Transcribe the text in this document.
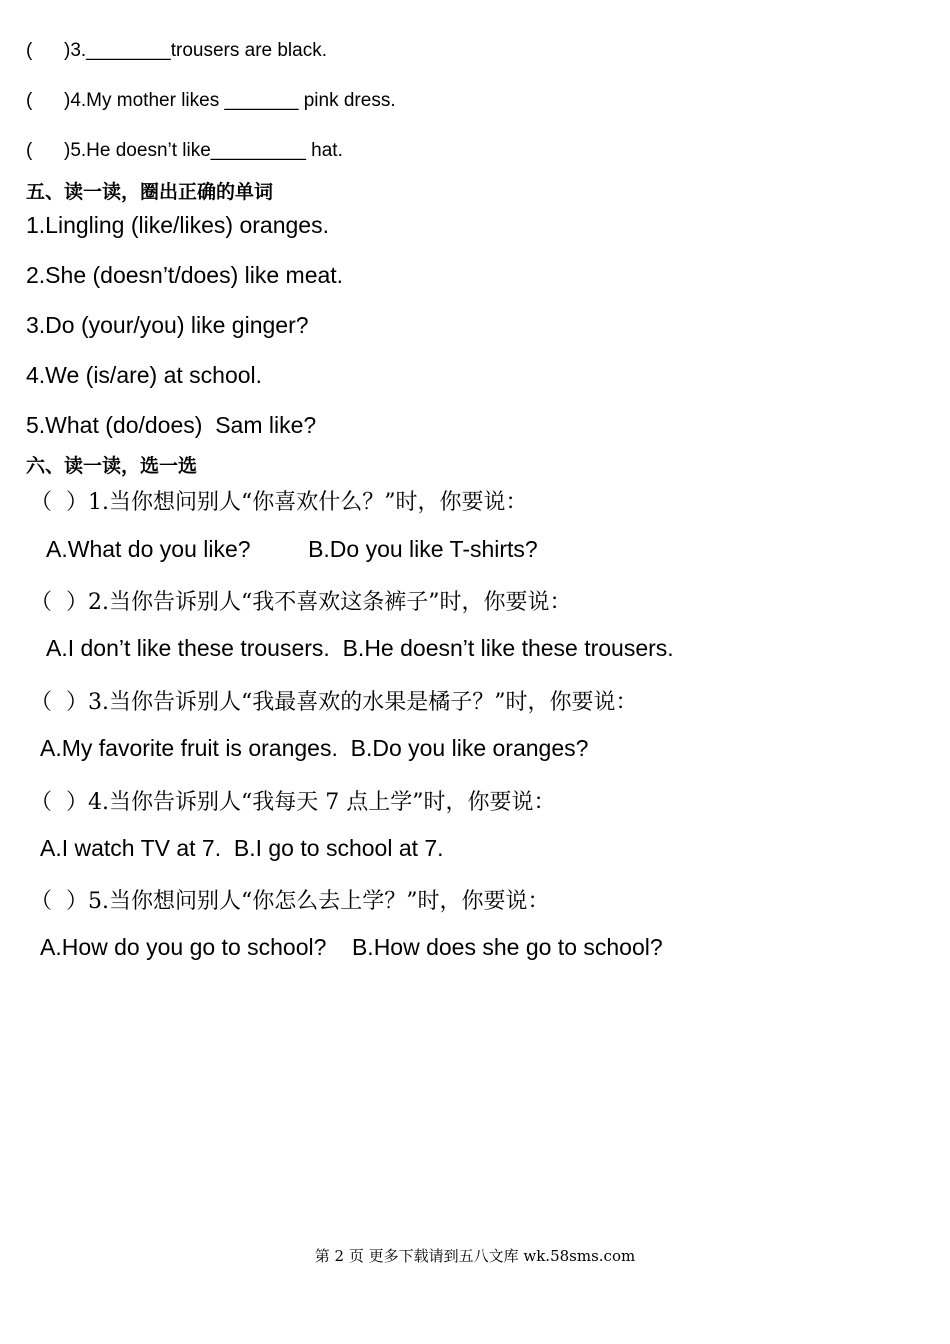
(      )3.________trousers are black.
(      )4.My mother likes _______ pink dress.
(      )5.He doesn’t like_________ hat.
五、读一读，圈出正确的单词
1.Lingling (like/likes) oranges.
2.She (doesn’t/does) like meat.
3.Do (your/you) like ginger?
4.We (is/are) at school.
5.What (do/does)  Sam like?
六、读一读，选一选
（  ）1.当你想问别人“你喜欢什么？”时，你要说：
A.What do you like?         B.Do you like T-shirts?
（  ）2.当你告诉别人“我不喜欢这条裤子”时，你要说：
A.I don’t like these trousers.  B.He doesn’t like these trousers.
（  ）3.当你告诉别人“我最喜欢的水果是橘子？”时，你要说：
A.My favorite fruit is oranges.  B.Do you like oranges?
（  ）4.当你告诉别人“我每天 7 点上学”时，你要说：
A.I watch TV at 7.  B.I go to school at 7.
（  ）5.当你想问别人“你怎么去上学？”时，你要说：
A.How do you go to school?    B.How does she go to school?
第 2 页 更多下载请到五八文库 wk.58sms.com
